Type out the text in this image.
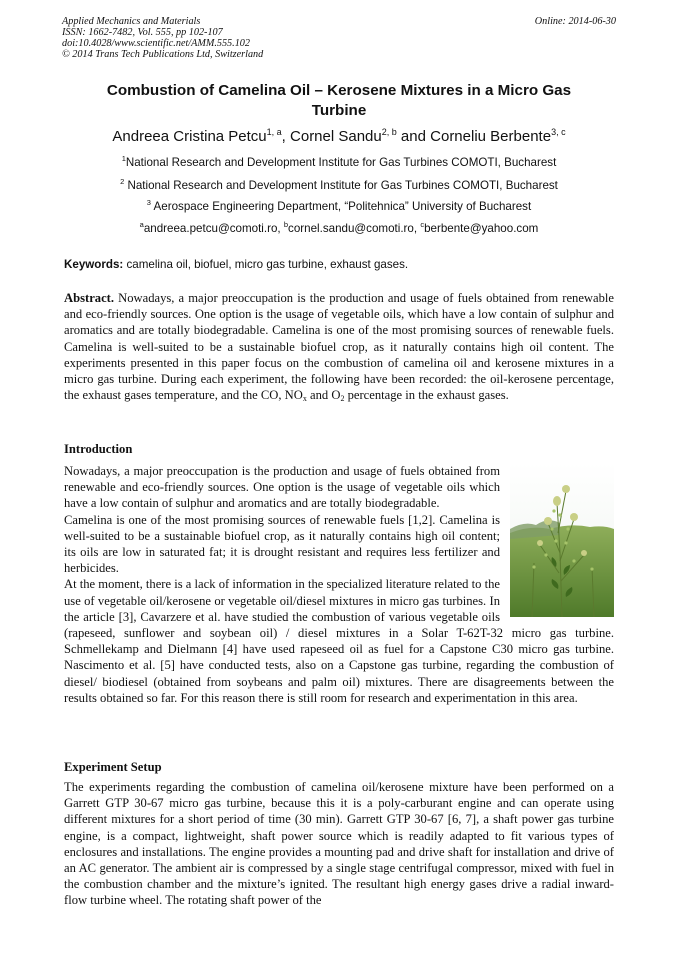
Applied Mechanics and Materials
ISSN: 1662-7482, Vol. 555, pp 102-107
doi:10.4028/www.scientific.net/AMM.555.102
© 2014 Trans Tech Publications Ltd, Switzerland
Online: 2014-06-30
Combustion of Camelina Oil – Kerosene Mixtures in a Micro Gas
Turbine
Andreea Cristina Petcu$^{1, a}$, Cornel Sandu$^{2, b}$ and Corneliu Berbente$^{3, c}$
$^1$National Research and Development Institute for Gas Turbines COMOTI, Bucharest
$^2$ National Research and Development Institute for Gas Turbines COMOTI, Bucharest
$^3$ Aerospace Engineering Department, “Politehnica” University of Bucharest
$^a$andreea.petcu@comoti.ro, $^b$cornel.sandu@comoti.ro, $^c$berbente@yahoo.com
Keywords: camelina oil, biofuel, micro gas turbine, exhaust gases.
Abstract. Nowadays, a major preoccupation is the production and usage of fuels obtained from renewable and eco-friendly sources. One option is the usage of vegetable oils, which have a low contain of sulphur and aromatics and are totally biodegradable. Camelina is one of the most promising sources of renewable fuels. Camelina is well-suited to be a sustainable biofuel crop, as it naturally contains high oil content. The experiments presented in this paper focus on the combustion of camelina oil and kerosene mixtures in a micro gas turbine. During each experiment, the following have been recorded: the oil-kerosene percentage, the exhaust gases temperature, and the CO, $NO_x$ and $O_2$ percentage in the exhaust gases.
Introduction

Nowadays, a major preoccupation is the production and usage of fuels obtained from renewable and eco-friendly sources. One option is the usage of vegetable oils which have a low contain of sulphur and aromatics and are totally biodegradable.

Camelina is one of the most promising sources of renewable fuels [1,2]. Camelina is well-suited to be a sustainable biofuel crop, as it naturally contains high oil content; its oils are low in saturated fat; it is drought resistant and requires less fertilizer and herbicides.

At the moment, there is a lack of information in the specialized literature related to the use of vegetable oil/kerosene or vegetable oil/diesel mixtures in micro gas turbines. In the article [3], Cavarzere et al. have studied the combustion of various vegetable oils (rapeseed, sunflower and soybean oil) / diesel mixtures in a Solar T-62T-32 micro gas turbine. Schmellekamp and Dielmann [4] have used rapeseed oil as fuel for a Capstone C30 micro gas turbine. Nascimento et al. [5] have conducted tests, also on a Capstone gas turbine, regarding the combustion of diesel/ biodiesel (obtained from soybeans and palm oil) mixtures. There are disagreements between the results obtained so far. For this reason there is still room for research and experimentation in this area.

Experiment Setup

The experiments regarding the combustion of camelina oil/kerosene mixture have been performed on a Garrett GTP 30-67 micro gas turbine, because this it is a poly-carburant engine and can operate using different mixtures for a short period of time (30 min). Garrett GTP 30-67 [6, 7], a shaft power gas turbine engine, is a compact, lightweight, shaft power source which is readily adapted to fit various types of enclosures and installations. The engine provides a mounting pad and drive shaft for installation and drive of an AC generator. The ambient air is compressed by a single stage centrifugal compressor, mixed with fuel in the combustion chamber and the mixture’s ignited. The resultant high energy gases drive a radial inward-flow turbine wheel. The rotating shaft power of the
